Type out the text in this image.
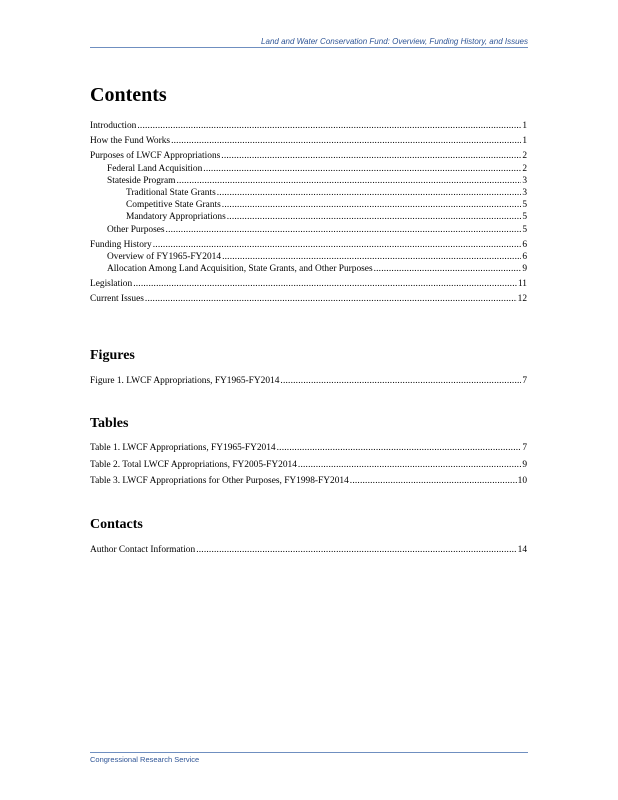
Land and Water Conservation Fund: Overview, Funding History, and Issues
Contents
Introduction .....	1
How the Fund Works .....	1
Purposes of LWCF Appropriations .....	2
Federal Land Acquisition .....	2
Stateside Program .....	3
Traditional State Grants .....	3
Competitive State Grants .....	5
Mandatory Appropriations .....	5
Other Purposes .....	5
Funding History .....	6
Overview of FY1965-FY2014 .....	6
Allocation Among Land Acquisition, State Grants, and Other Purposes .....	9
Legislation .....	11
Current Issues .....	12
Figures
Figure 1. LWCF Appropriations, FY1965-FY2014 .....	7
Tables
Table 1. LWCF Appropriations, FY1965-FY2014 .....	7
Table 2. Total LWCF Appropriations, FY2005-FY2014 .....	9
Table 3. LWCF Appropriations for Other Purposes, FY1998-FY2014 .....	10
Contacts
Author Contact Information .....	14
Congressional Research Service
